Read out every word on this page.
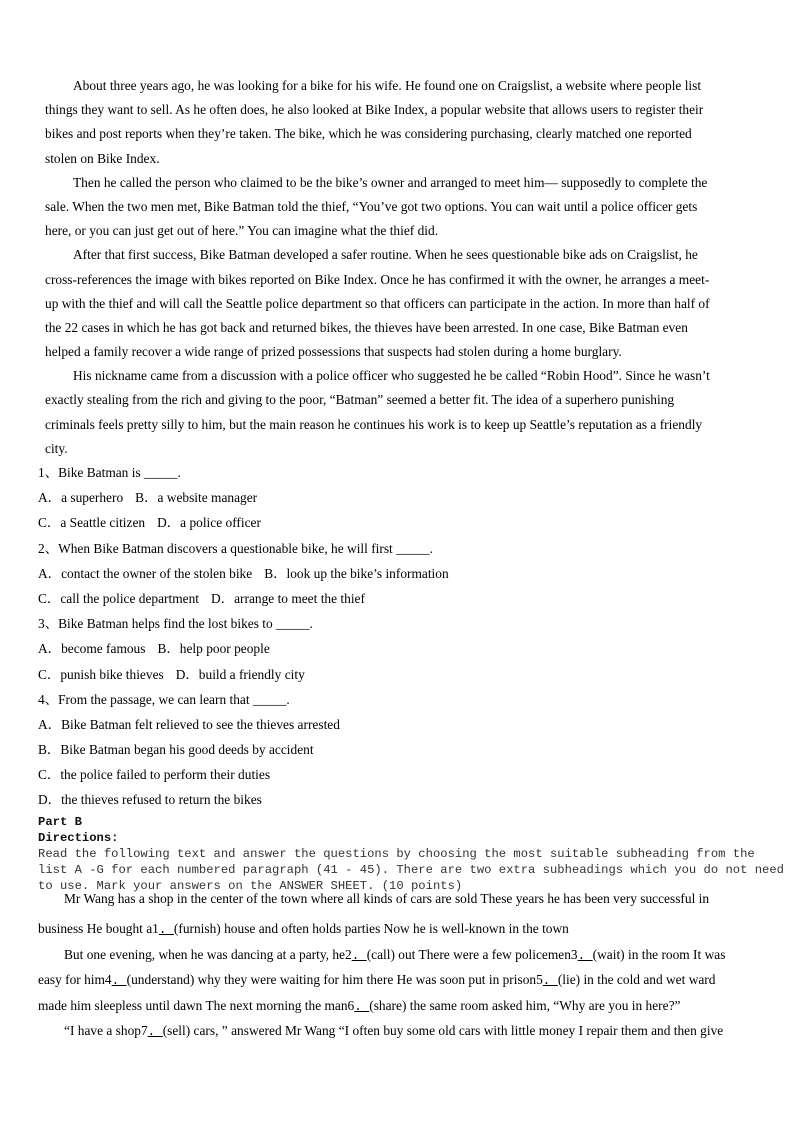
About three years ago, he was looking for a bike for his wife. He found one on Craigslist, a website where people list
things they want to sell. As he often does, he also looked at Bike Index, a popular website that allows users to register their
bikes and post reports when they’re taken. The bike, which he was considering purchasing, clearly matched one reported
stolen on Bike Index.

Then he called the person who claimed to be the bike’s owner and arranged to meet him— supposedly to complete the
sale. When the two men met, Bike Batman told the thief, “You’ve got two options. You can wait until a police officer gets
here, or you can just get out of here.” You can imagine what the thief did.

After that first success, Bike Batman developed a safer routine. When he sees questionable bike ads on Craigslist, he
cross-references the image with bikes reported on Bike Index. Once he has confirmed it with the owner, he arranges a meet-
up with the thief and will call the Seattle police department so that officers can participate in the action. In more than half of
the 22 cases in which he has got back and returned bikes, the thieves have been arrested. In one case, Bike Batman even
helped a family recover a wide range of prized possessions that suspects had stolen during a home burglary.

His nickname came from a discussion with a police officer who suggested he be called “Robin Hood”. Since he wasn’t
exactly stealing from the rich and giving to the poor, “Batman” seemed a better fit. The idea of a superhero punishing
criminals feels pretty silly to him, but the main reason he continues his work is to keep up Seattle’s reputation as a friendly
city.

1、Bike Batman is _____.
A．a superhero B．a website manager
C．a Seattle citizen D．a police officer
2、When Bike Batman discovers a questionable bike, he will first _____.
A．contact the owner of the stolen bike B．look up the bike’s information
C．call the police department D．arrange to meet the thief
3、Bike Batman helps find the lost bikes to _____.
A．become famous B．help poor people
C．punish bike thieves D．build a friendly city
4、From the passage, we can learn that _____.
A．Bike Batman felt relieved to see the thieves arrested
B．Bike Batman began his good deeds by accident
C．the police failed to perform their duties
D．the thieves refused to return the bikes
Part B
Directions:
Read the following text and answer the questions by choosing the most suitable subheading from the
list A -G for each numbered paragraph (41 - 45). There are two extra subheadings which you do not need
to use. Mark your answers on the ANSWER SHEET. (10 points)
Mr Wang has a shop in the center of the town where all kinds of cars are sold These years he has been very successful in
business He bought a1. (furnish) house and often holds parties Now he is well-known in the town
But one evening, when he was dancing at a party, he2. (call) out There were a few policemen3. (wait) in the room It was
easy for him4. (understand) why they were waiting for him there He was soon put in prison5. (lie) in the cold and wet ward
made him sleepless until dawn The next morning the man6. (share) the same room asked him, “Why are you in here?”
“I have a shop7. (sell) cars, ” answered Mr Wang “I often buy some old cars with little money I repair them and then give
